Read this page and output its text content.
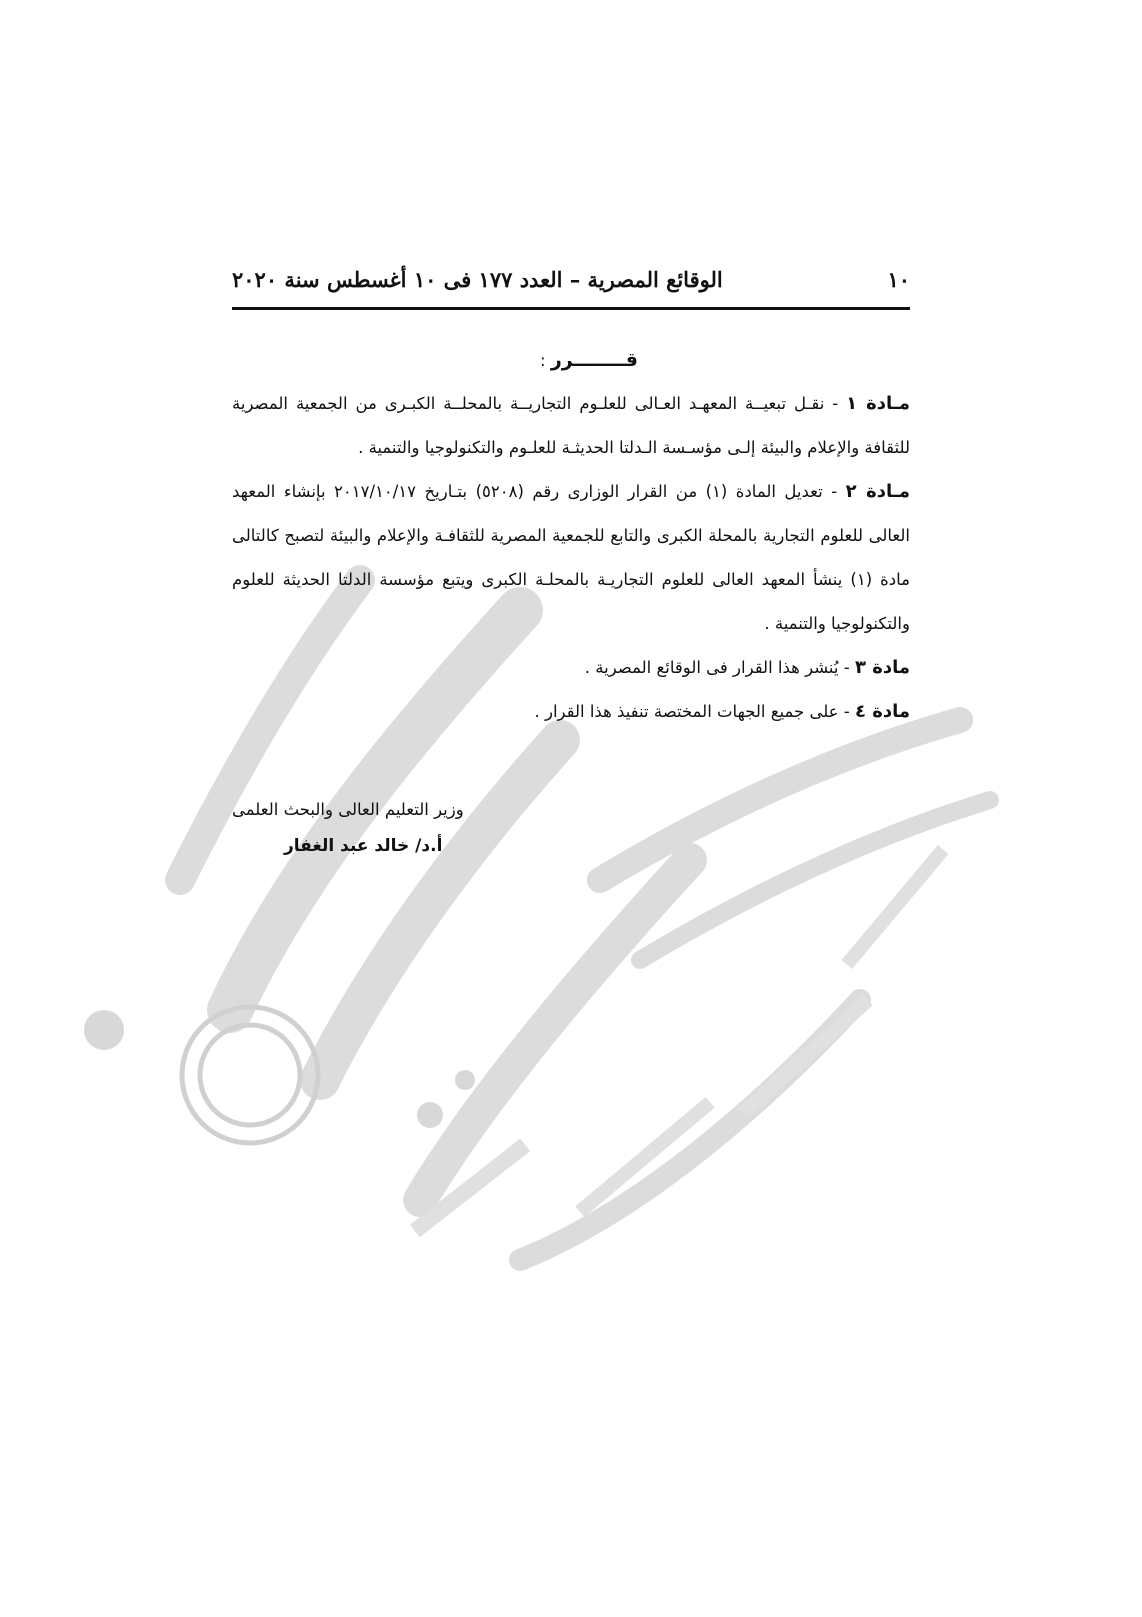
١٠
الوقائع المصرية – العدد ١٧٧ فى ١٠ أغسطس سنة ٢٠٢٠
قــــــــرر :

مـادة ١ - نقـل تبعيــة المعهـد العـالى للعلـوم التجاريــة بالمحلــة الكبـرى من الجمعية المصرية للثقافة والإعلام والبيئة إلـى مؤسـسة الـدلتا الحديثـة للعلـوم والتكنولوجيا والتنمية .

مـادة ٢ - تعديل المادة (١) من القرار الوزارى رقم (٥٢٠٨) بتـاريخ ٢٠١٧/١٠/١٧ بإنشاء المعهد العالى للعلوم التجارية بالمحلة الكبرى والتابع للجمعية المصرية للثقافـة والإعلام والبيئة لتصبح كالتالى مادة (١) ينشأ المعهد العالى للعلوم التجاريـة بالمحلـة الكبرى ويتبع مؤسسة الدلتا الحديثة للعلوم والتكنولوجيا والتنمية .

مادة ٣ - يُنشر هذا القرار فى الوقائع المصرية .

مادة ٤ - على جميع الجهات المختصة تنفيذ هذا القرار .

وزير التعليم العالى والبحث العلمى
أ.د/ خالد عبد الغفار
